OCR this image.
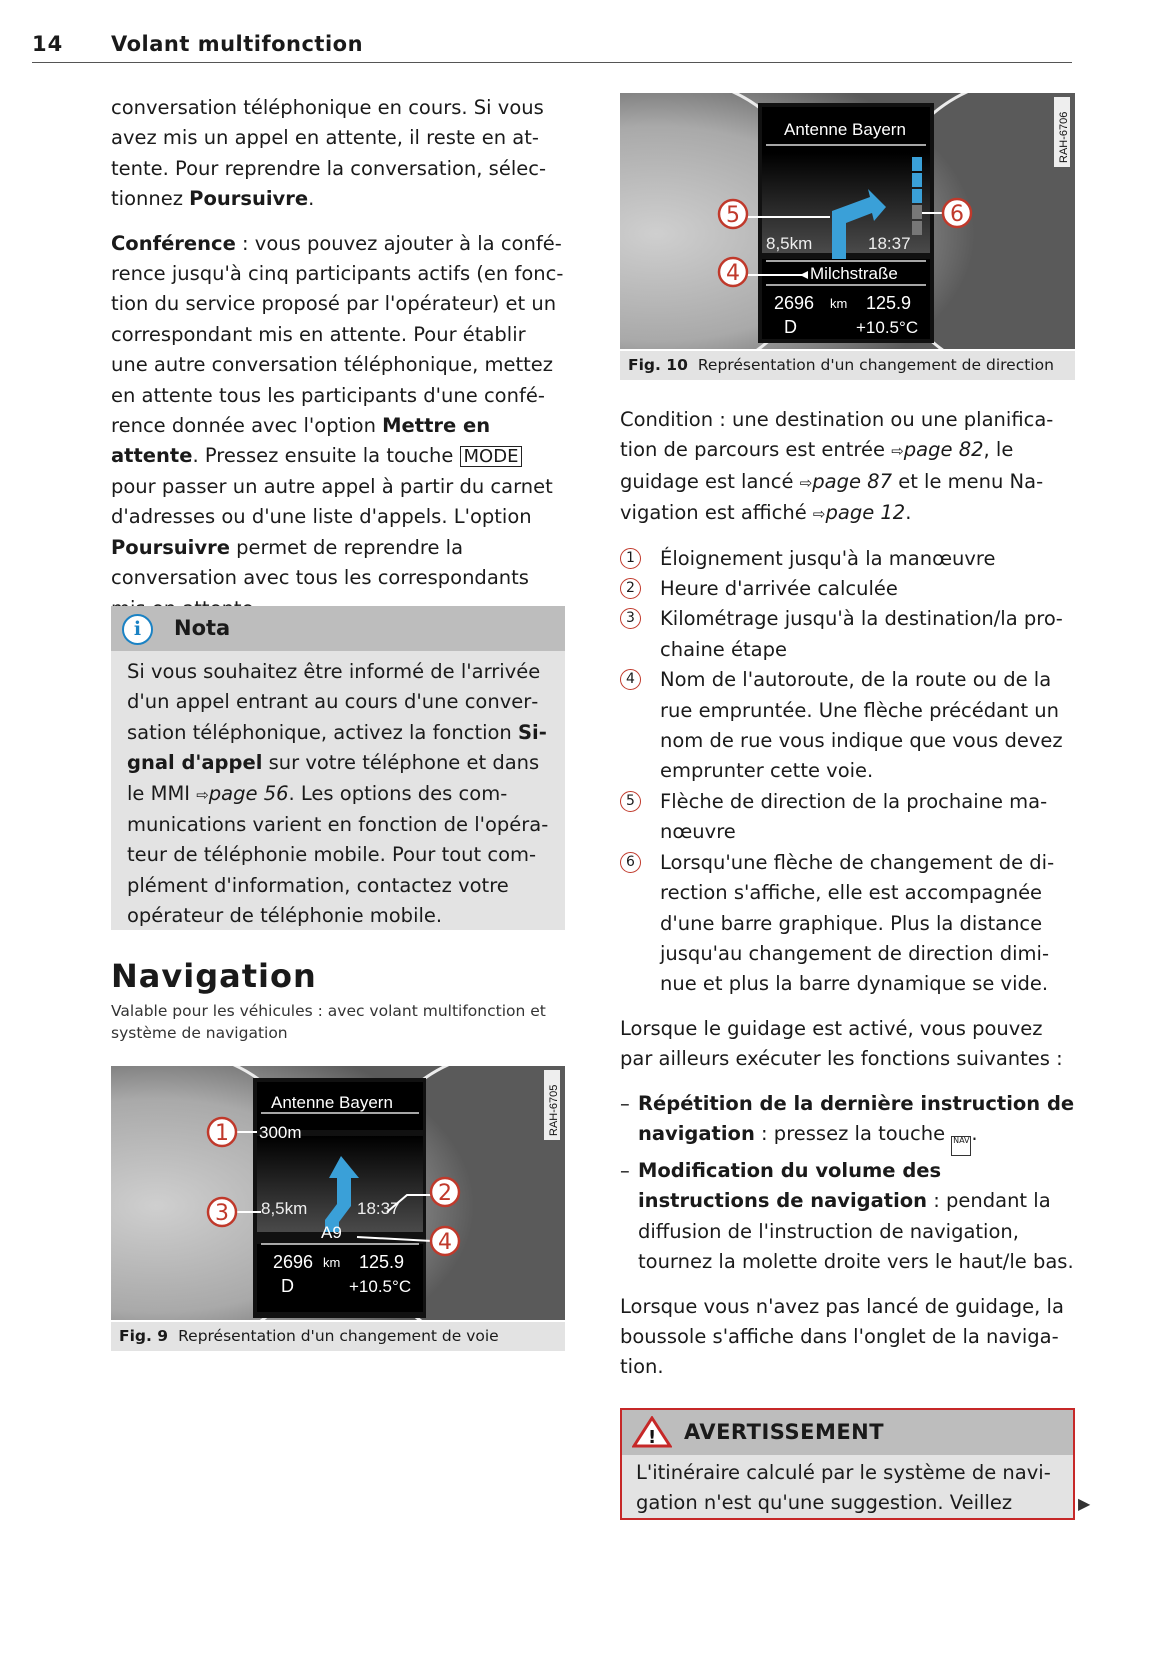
14 Volant multifonction

conversation téléphonique en cours. Si vous avez mis un appel en attente, il reste en attente. Pour reprendre la conversation, sélectionnez Poursuivre.

Conférence : vous pouvez ajouter à la conférence jusqu'à cinq participants actifs (en fonction du service proposé par l'opérateur) et un correspondant mis en attente. Pour établir une autre conversation téléphonique, mettez en attente tous les participants d'une conférence donnée avec l'option Mettre en attente. Pressez ensuite la touche MODE pour passer un autre appel à partir du carnet d'adresses ou d'une liste d'appels. L'option Poursuivre permet de reprendre la conversation avec tous les correspondants

i	Nota
Si vous souhaitez être informé de l'arrivée d'un appel entrant au cours d'une conversation téléphonique, activez la fonction Signal d'appel sur votre téléphone et dans le MMI ⇨page 56. Les options des communications varient en fonction de l'opérateur de téléphonie mobile. Pour tout complément d'information, contactez votre opérateur de téléphonie mobile.
Navigation
Valable pour les véhicules : avec volant multifonction et système de navigation
Antenne Bayern
300m
8,5km	18:37
A9
2696 km 125.9
D	+10.5°C
1
3
2
4
RAH-6705
Fig. 9 Représentation d'un changement de voie
Antenne Bayern
8,5km	18:37
Milchstraße
2696 km 125.9
D	+10.5°C
5
4
6
RAH-6706
Fig. 10 Représentation d'un changement de direction

Condition : une destination ou une planification de parcours est entrée ⇨page 82, le guidage est lancé ⇨page 87 et le menu Navigation est affiché ⇨page 12.

1	Éloignement jusqu'à la manœuvre
2	Heure d'arrivée calculée
3	Kilométrage jusqu'à la destination/la prochaine étape
4	Nom de l'autoroute, de la route ou de la rue empruntée. Une flèche précédant un nom de rue vous indique que vous devez emprunter cette voie.
5	Flèche de direction de la prochaine manœuvre
6	Lorsqu'une flèche de changement de direction s'affiche, elle est accompagnée d'une barre graphique. Plus la distance jusqu'au changement de direction diminue et plus la barre dynamique se vide.

Lorsque le guidage est activé, vous pouvez par ailleurs exécuter les fonctions suivantes :

– Répétition de la dernière instruction de navigation : pressez la touche NAV.
– Modification du volume des instructions de navigation : pendant la diffusion de l'instruction de navigation, tournez la molette droite vers le haut/le bas.

Lorsque vous n'avez pas lancé de guidage, la boussole s'affiche dans l'onglet de la navigation.

! AVERTISSEMENT
L'itinéraire calculé par le système de navigation n'est qu'une suggestion. Veillez	▶
